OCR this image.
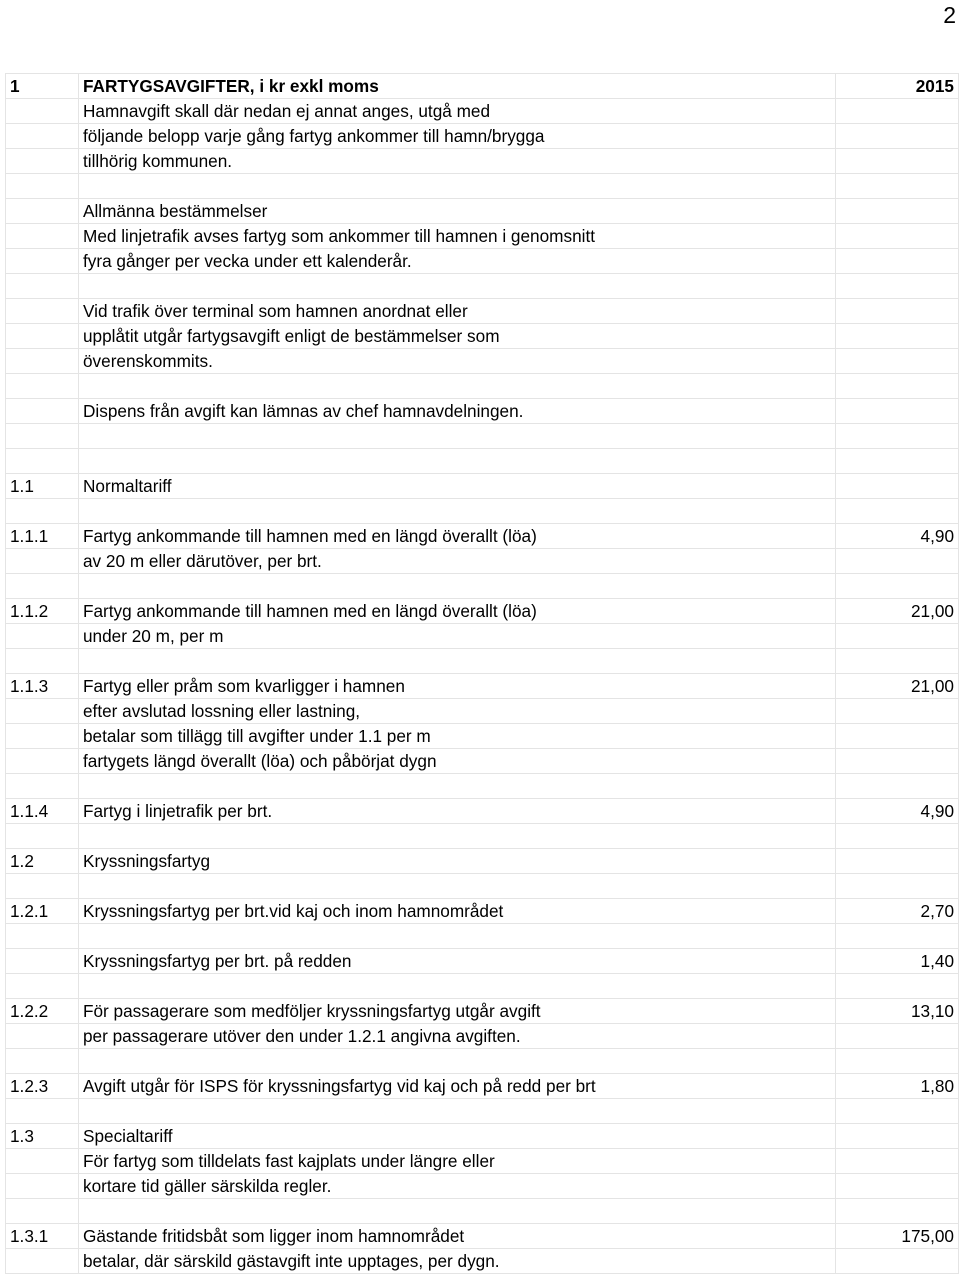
2
1	FARTYGSAVGIFTER, i kr exkl moms	2015
	Hamnavgift skall där nedan ej annat anges, utgå med	
	följande belopp varje gång fartyg ankommer till hamn/brygga	
	tillhörig kommunen.	

	Allmänna bestämmelser	
	Med linjetrafik avses fartyg som ankommer till hamnen i genomsnitt	
	fyra gånger per vecka under ett kalenderår.	

	Vid trafik över terminal som hamnen anordnat eller	
	upplåtit utgår fartygsavgift enligt de bestämmelser som	
	överenskommits.	

	Dispens från avgift kan lämnas av chef hamnavdelningen.	

1.1	Normaltariff	

1.1.1	Fartyg ankommande till hamnen med en längd överallt (löa)	4,90
	av 20 m eller därutöver, per brt.	

1.1.2	Fartyg ankommande till hamnen med en längd överallt (löa)	21,00
	under 20 m, per m	

1.1.3	Fartyg eller pråm som kvarligger i hamnen	21,00
	efter avslutad lossning eller lastning,	
	betalar som tillägg till avgifter under 1.1 per m	
	fartygets längd överallt (löa) och påbörjat dygn	

1.1.4	Fartyg i linjetrafik per brt.	4,90

1.2	Kryssningsfartyg	

1.2.1	Kryssningsfartyg per brt.vid kaj och inom hamnområdet	2,70

	Kryssningsfartyg per brt. på redden	1,40

1.2.2	För passagerare som medföljer kryssningsfartyg utgår avgift	13,10
	per passagerare utöver den under 1.2.1 angivna avgiften.	

1.2.3	Avgift utgår för ISPS för kryssningsfartyg vid kaj och på redd per brt	1,80

1.3	Specialtariff	
	För fartyg som tilldelats fast kajplats under längre eller	
	kortare tid gäller särskilda regler.	

1.3.1	Gästande fritidsbåt som ligger inom hamnområdet	175,00
	betalar, där särskild gästavgift inte upptages, per dygn.	
